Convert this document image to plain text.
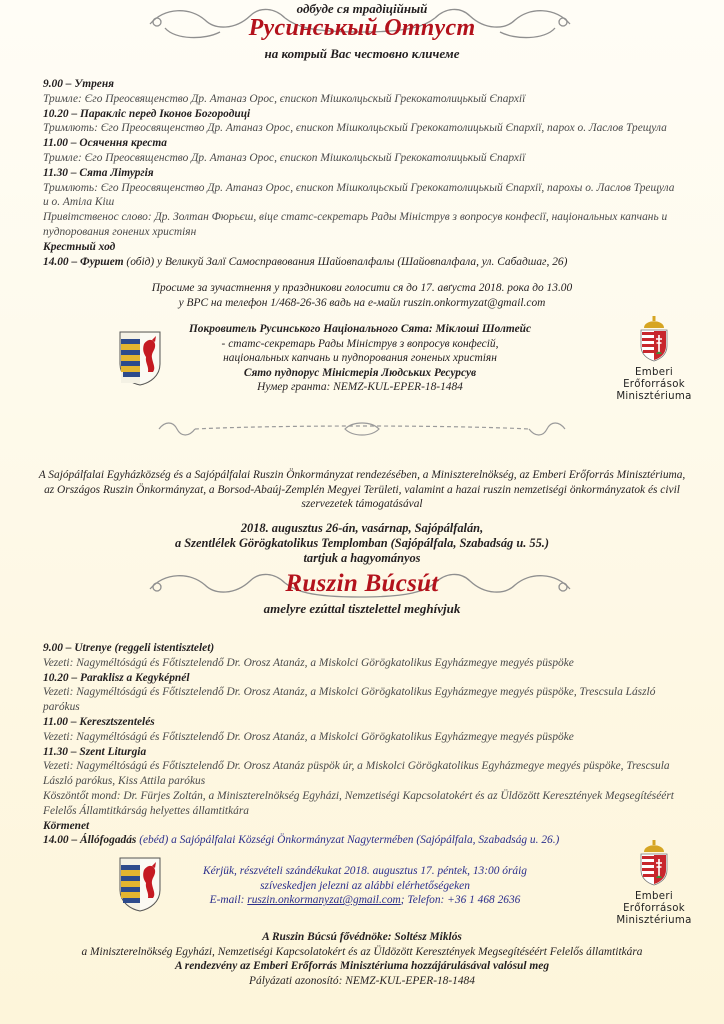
одбуде ся традіційный
Русинськый Отпуст
на котрый Вас честовно кличеме
9.00 – Утреня
Тримле: Єго Преосвященство Др. Атаназ Орос, єпископ Мішколцьскый Грекокатолицькый Єпархії
10.20 – Паракліс перед Іконов Богородиці
Тримлють: Єго Преосвященство Др. Атаназ Орос, єпископ Мішколцьскый Грекокатолицькый Єпархії, парох о. Ласлов Трещула
11.00 – Осячення креста
Тримле: Єго Преосвященство Др. Атаназ Орос, єпископ Мішколцьскый Грекокатолицькый Єпархії
11.30 – Сята Літургія
Тримлють: Єго Преосвященство Др. Атаназ Орос, єпископ Мішколцьскый Грекокатолицькый Єпархії, парохы о. Ласлов Трещула и о. Атіла Кіш
Привітственос слово: Др. Золтан Фюрьєш, віце статс-секретарь Рады Мініструв з вопросув конфесії, національных капчань и пудпорования гонених христіян
Крестный ход
14.00 – Фуршет (обід) у Великуй Залї Самосправования Шайовпалфалы (Шайовпалфала, ул. Сабадшаг, 26)
Просиме за зучастнення у праздникови голосити ся до 17. авґуста 2018. рока до 13.00
у ВРС на телефон 1/468-26-36 вадь на е-майл ruszin.onkormyzat@gmail.com
Покровитель Русинського Національного Сята: Міклоші Шолтейс
- статс-секретарь Рады Мініструв з вопросув конфесій,
національных капчань и пудпорования гоненых христіян
Сято пудпорус Міністерія Людських Ресурсув
Нумер гранта: NEMZ-KUL-EPER-18-1484
Emberi Erőforrások
Minisztériuma
A Sajópálfalai Egyházközség és a Sajópálfalai Ruszin Önkormányzat rendezésében, a Miniszterelnökség, az Emberi Erőforrás Minisztériuma, az Országos Ruszin Önkormányzat, a Borsod-Abaúj-Zemplén Megyei Területi, valamint a hazai ruszin nemzetiségi önkormányzatok és civil szervezetek támogatásával
2018. augusztus 26-án, vasárnap, Sajópálfalán,
a Szentlélek Görögkatolikus Templomban (Sajópálfala, Szabadság u. 55.)
tartjuk a hagyományos
Ruszin Búcsút
amelyre ezúttal tisztelettel meghívjuk
9.00 – Utrenye (reggeli istentisztelet)
Vezeti: Nagyméltóságú és Főtisztelendő Dr. Orosz Atanáz, a Miskolci Görögkatolikus Egyházmegye megyés püspöke
10.20 – Paraklisz a Kegyképnél
Vezeti: Nagyméltóságú és Főtisztelendő Dr. Orosz Atanáz, a Miskolci Görögkatolikus Egyházmegye megyés püspöke, Trescsula László parókus
11.00 – Keresztszentelés
Vezeti: Nagyméltóságú és Főtisztelendő Dr. Orosz Atanáz, a Miskolci Görögkatolikus Egyházmegye megyés püspöke
11.30 – Szent Liturgia
Vezeti: Nagyméltóságú és Főtisztelendő Dr. Orosz Atanáz püspök úr, a Miskolci Görögkatolikus Egyházmegye megyés püspöke, Trescsula László parókus, Kiss Attila parókus
Köszöntőt mond: Dr. Fürjes Zoltán, a Miniszterelnökség Egyházi, Nemzetiségi Kapcsolatokért és az Üldözött Keresztények Megsegítéséért Felelős Államtitkárság helyettes államtitkára
Körmenet
14.00 – Állófogadás (ebéd) a Sajópálfalai Községi Önkormányzat Nagytermében (Sajópálfala, Szabadság u. 26.)
Kérjük, részvételi szándékukat 2018. augusztus 17. péntek, 13:00 óráig
szíveskedjen jelezni az alábbi elérhetőségeken
E-mail: ruszin.onkormanyzat@gmail.com; Telefon: +36 1 468 2636	Emberi Erőforrások
Minisztériuma
A Ruszin Búcsú fővédnöke: Soltész Miklós
a Miniszterelnökség Egyházi, Nemzetiségi Kapcsolatokért és az Üldözött Keresztények Megsegítéséért Felelős államtitkára
A rendezvény az Emberi Erőforrás Minisztériuma hozzájárulásával valósul meg
Pályázati azonosító: NEMZ-KUL-EPER-18-1484
